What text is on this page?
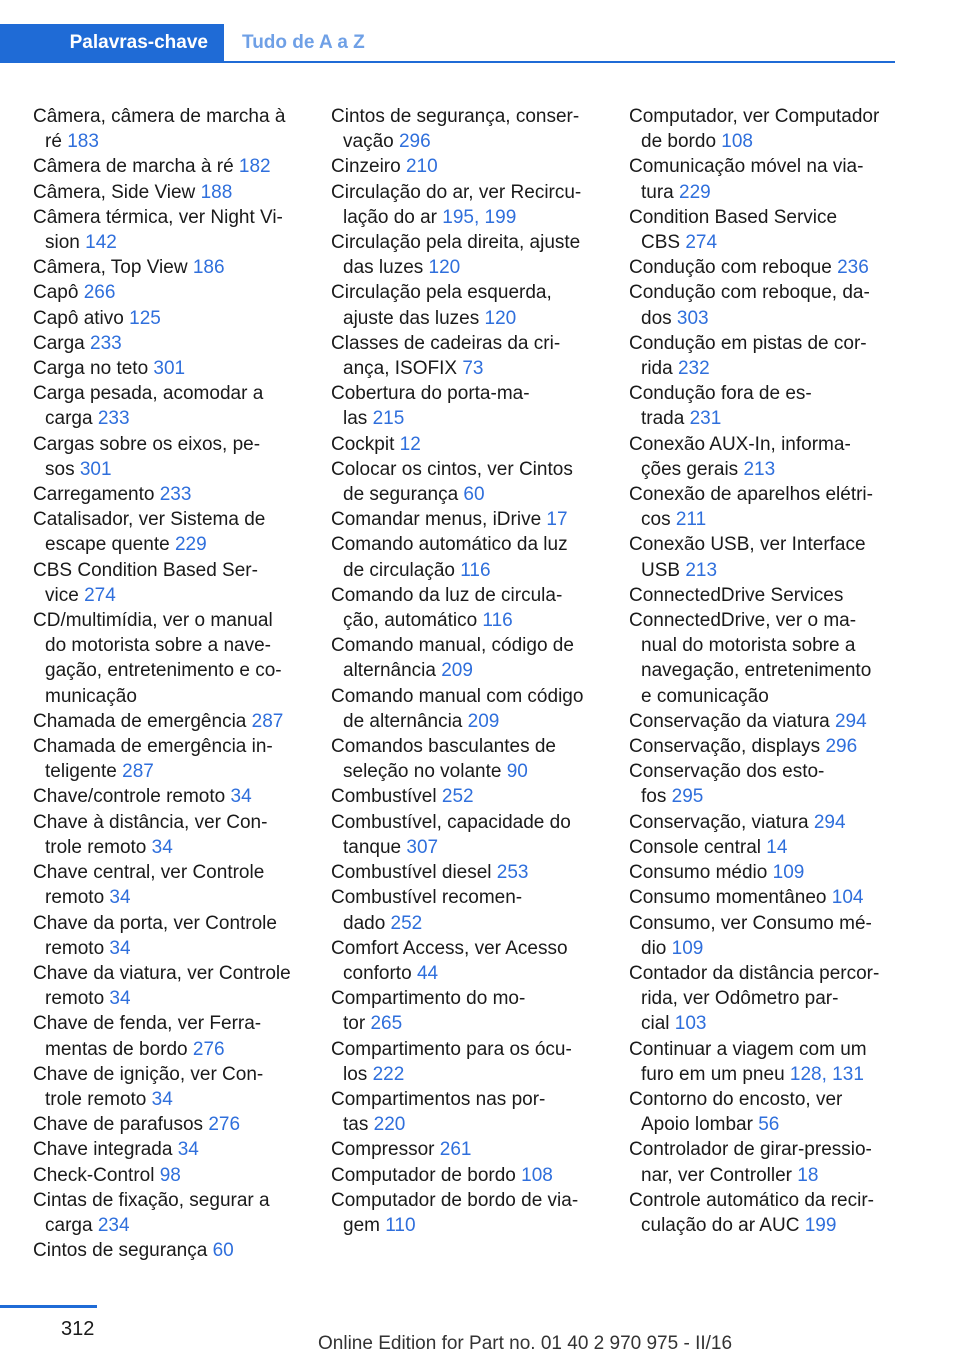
Palavras-chave Tudo de A a Z
Câmera, câmera de marcha à
ré 183
Câmera de marcha à ré 182
Câmera, Side View 188
Câmera térmica, ver Night Vi‐
sion 142
Câmera, Top View 186
Capô 266
Capô ativo 125
Carga 233
Carga no teto 301
Carga pesada, acomodar a
carga 233
Cargas sobre os eixos, pe‐
sos 301
Carregamento 233
Catalisador, ver Sistema de
escape quente 229
CBS Condition Based Ser‐
vice 274
CD/multimídia, ver o manual
do motorista sobre a nave‐
gação, entretenimento e co‐
municação
Chamada de emergência 287
Chamada de emergência in‐
teligente 287
Chave/controle remoto 34
Chave à distância, ver Con‐
trole remoto 34
Chave central, ver Controle
remoto 34
Chave da porta, ver Controle
remoto 34
Chave da viatura, ver Controle
remoto 34
Chave de fenda, ver Ferra‐
mentas de bordo 276
Chave de ignição, ver Con‐
trole remoto 34
Chave de parafusos 276
Chave integrada 34
Check-Control 98
Cintas de fixação, segurar a
carga 234
Cintos de segurança 60
Cintos de segurança, conser‐
vação 296
Cinzeiro 210
Circulação do ar, ver Recircu‐
lação do ar 195, 199
Circulação pela direita, ajuste
das luzes 120
Circulação pela esquerda,
ajuste das luzes 120
Classes de cadeiras da cri‐
ança, ISOFIX 73
Cobertura do porta-ma‐
las 215
Cockpit 12
Colocar os cintos, ver Cintos
de segurança 60
Comandar menus, iDrive 17
Comando automático da luz
de circulação 116
Comando da luz de circula‐
ção, automático 116
Comando manual, código de
alternância 209
Comando manual com código
de alternância 209
Comandos basculantes de
seleção no volante 90
Combustível 252
Combustível, capacidade do
tanque 307
Combustível diesel 253
Combustível recomen‐
dado 252
Comfort Access, ver Acesso
conforto 44
Compartimento do mo‐
tor 265
Compartimento para os ócu‐
los 222
Compartimentos nas por‐
tas 220
Compressor 261
Computador de bordo 108
Computador de bordo de via‐
gem 110
Computador, ver Computador
de bordo 108
Comunicação móvel na via‐
tura 229
Condition Based Service
CBS 274
Condução com reboque 236
Condução com reboque, da‐
dos 303
Condução em pistas de cor‐
rida 232
Condução fora de es‐
trada 231
Conexão AUX-In, informa‐
ções gerais 213
Conexão de aparelhos elétri‐
cos 211
Conexão USB, ver Interface
USB 213
ConnectedDrive Services
ConnectedDrive, ver o ma‐
nual do motorista sobre a
navegação, entretenimento
e comunicação
Conservação da viatura 294
Conservação, displays 296
Conservação dos esto‐
fos 295
Conservação, viatura 294
Console central 14
Consumo médio 109
Consumo momentâneo 104
Consumo, ver Consumo mé‐
dio 109
Contador da distância percor‐
rida, ver Odômetro par‐
cial 103
Continuar a viagem com um
furo em um pneu 128, 131
Contorno do encosto, ver
Apoio lombar 56
Controlador de girar-pressio‐
nar, ver Controller 18
Controle automático da recir‐
culação do ar AUC 199
312
Online Edition for Part no. 01 40 2 970 975 - II/16
